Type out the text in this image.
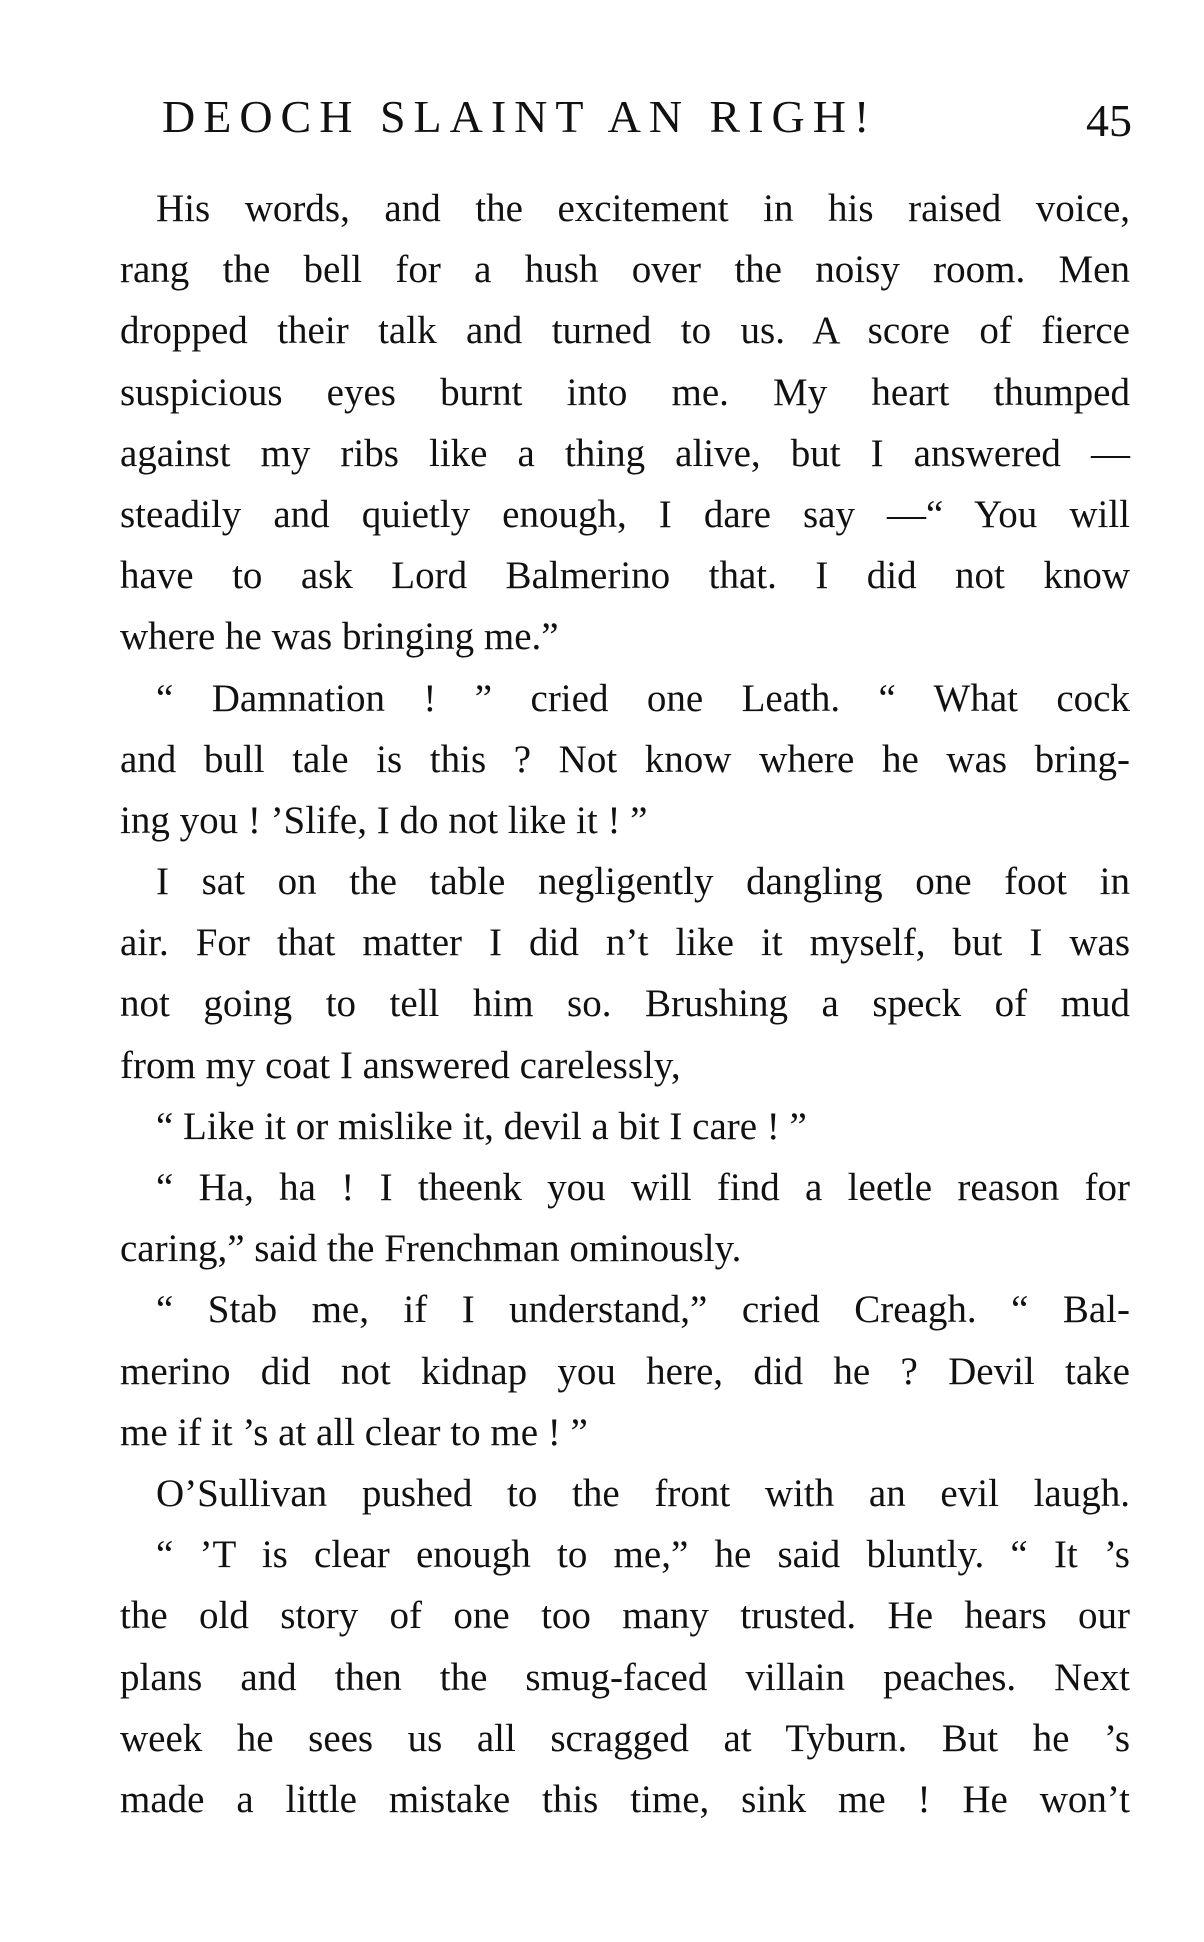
DEOCH SLAINT AN RIGH!	45
His words, and the excitement in his raised voice,
rang the bell for a hush over the noisy room. Men
dropped their talk and turned to us. A score of fierce
suspicious eyes burnt into me. My heart thumped
against my ribs like a thing alive, but I answered —
steadily and quietly enough, I dare say —“ You will
have to ask Lord Balmerino that. I did not know
where he was bringing me.”
“ Damnation ! ” cried one Leath. “ What cock
and bull tale is this ? Not know where he was bring-
ing you ! ’Slife, I do not like it ! ”
I sat on the table negligently dangling one foot in
air. For that matter I did n’t like it myself, but I was
not going to tell him so. Brushing a speck of mud
from my coat I answered carelessly,
“ Like it or mislike it, devil a bit I care ! ”
“ Ha, ha ! I theenk you will find a leetle reason for
caring,” said the Frenchman ominously.
“ Stab me, if I understand,” cried Creagh. “ Bal-
merino did not kidnap you here, did he ? Devil take
me if it ’s at all clear to me ! ”
O’Sullivan pushed to the front with an evil laugh.
“ ’T is clear enough to me,” he said bluntly. “ It ’s
the old story of one too many trusted. He hears our
plans and then the smug-faced villain peaches. Next
week he sees us all scragged at Tyburn. But he ’s
made a little mistake this time, sink me ! He won’t
